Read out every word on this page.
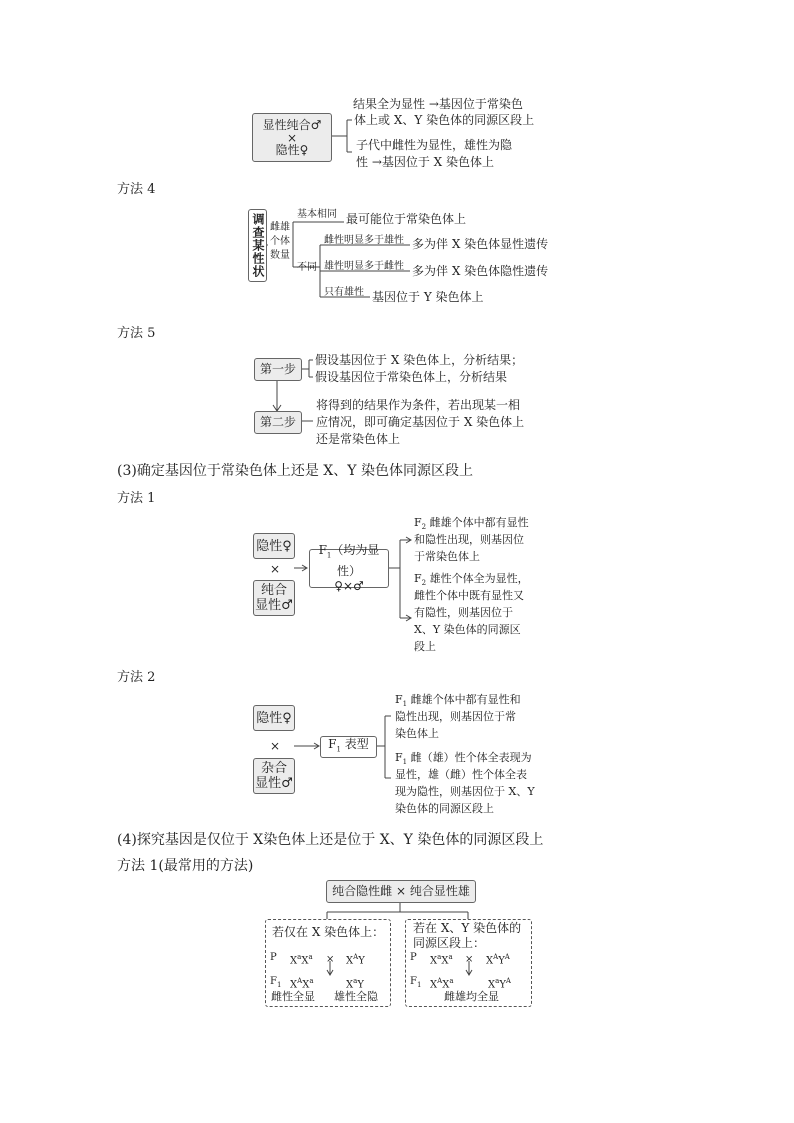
显性纯合♂
×
隐性♀
结果全为显性 →基因位于常染色
体上或 X、Y 染色体的同源区段上
子代中雌性为显性，雄性为隐
性 →基因位于 X 染色体上
方法 4
调查某性状 雌雄
个体
数量
基本相同 最可能位于常染色体上
不同
雌性明显多于雄性 多为伴 X 染色体显性遗传
雄性明显多于雌性 多为伴 X 染色体隐性遗传
只有雄性 基因位于 Y 染色体上
方法 5
第一步
假设基因位于 X 染色体上，分析结果；
假设基因位于常染色体上，分析结果
第二步
将得到的结果作为条件，若出现某一相
应情况，即可确定基因位于 X 染色体上
还是常染色体上
(3)确定基因位于常染色体上还是 X、Y 染色体同源区段上
方法 1
隐性♀
×
纯合
显性♂
$F_1$（均为显性）
♀×♂
$F_2$ 雌雄个体中都有显性
和隐性出现，则基因位
于常染色体上
$F_2$ 雄性个体全为显性，
雌性个体中既有显性又
有隐性，则基因位于
X、Y 染色体的同源区
段上
方法 2
隐性♀
×
杂合
显性♂
$F_1$ 表型
$F_1$ 雌雄个体中都有显性和
隐性出现，则基因位于常
染色体上
$F_1$ 雌（雄）性个体全表现为
显性，雄（雌）性个体全表
现为隐性，则基因位于 X、Y
染色体的同源区段上
(4)探究基因是仅位于 X染色体上还是位于 X、Y 染色体的同源区段上
方法 1(最常用的方法)
纯合隐性雌 × 纯合显性雄
若仅在 X 染色体上：
P $X^aX^a \times X^AY$
$F_1$ $X^AX^a$	$X^aY$
雌性全显 雄性全隐
若在 X、Y 染色体的
同源区段上：
P $X^aX^a \times X^AY^A$
$F_1$ $X^AX^a$	$X^aY^A$
雌雄均全显
